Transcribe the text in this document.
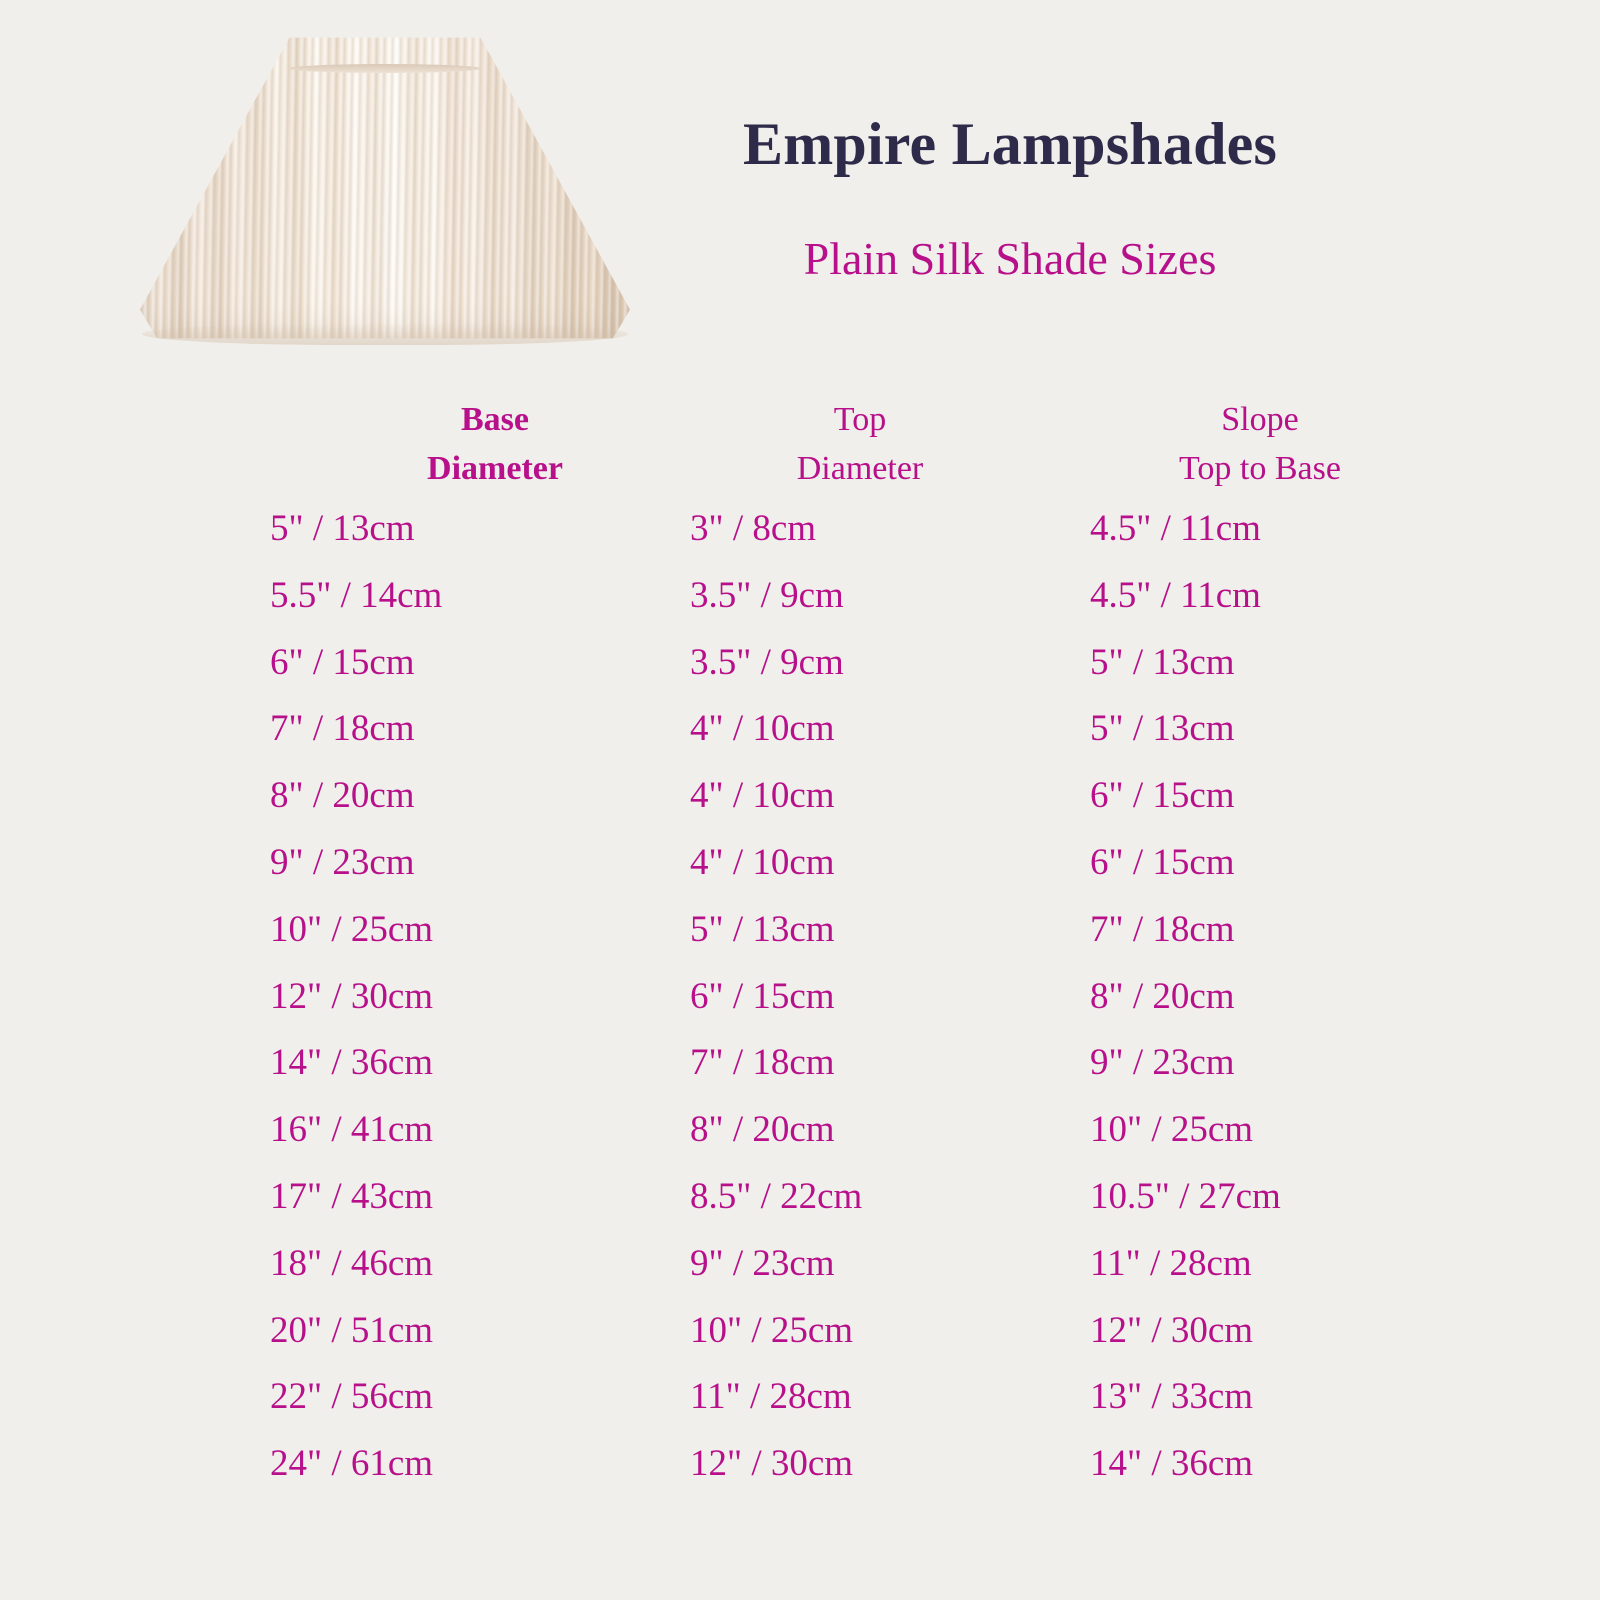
Empire Lampshades
Plain Silk Shade Sizes
Base
Diameter
Top
Diameter
Slope
Top to Base
5" / 13cm	3" / 8cm	4.5" / 11cm
5.5" / 14cm	3.5" / 9cm	4.5" / 11cm
6" / 15cm	3.5" / 9cm	5" / 13cm
7" / 18cm	4" / 10cm	5" / 13cm
8" / 20cm	4" / 10cm	6" / 15cm
9" / 23cm	4" / 10cm	6" / 15cm
10" / 25cm	5" / 13cm	7" / 18cm
12" / 30cm	6" / 15cm	8" / 20cm
14" / 36cm	7" / 18cm	9" / 23cm
16" / 41cm	8" / 20cm	10" / 25cm
17" / 43cm	8.5" / 22cm	10.5" / 27cm
18" / 46cm	9" / 23cm	11" / 28cm
20" / 51cm	10" / 25cm	12" / 30cm
22" / 56cm	11" / 28cm	13" / 33cm
24" / 61cm	12" / 30cm	14" / 36cm
